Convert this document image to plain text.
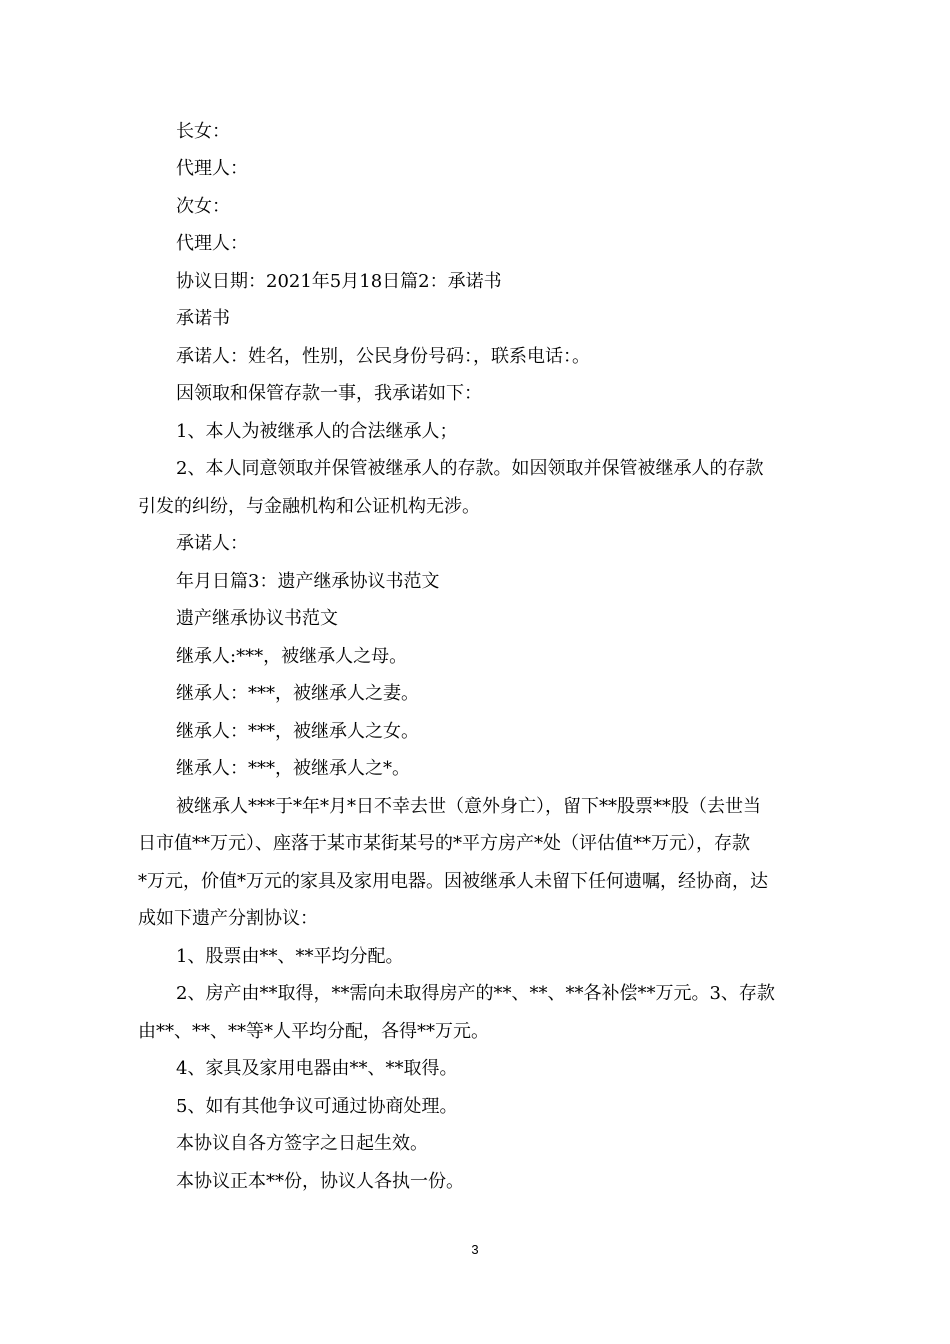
长女：
代理人：
次女：
代理人：
协议日期：2021年5月18日篇2：承诺书
承诺书
承诺人：姓名，性别，公民身份号码：，联系电话：。
因领取和保管存款一事，我承诺如下：
1、本人为被继承人的合法继承人；
2、本人同意领取并保管被继承人的存款。如因领取并保管被继承人的存款
引发的纠纷，与金融机构和公证机构无涉。
承诺人：
年月日篇3：遗产继承协议书范文
遗产继承协议书范文
继承人:***，被继承人之母。
继承人：***，被继承人之妻。
继承人：***，被继承人之女。
继承人：***，被继承人之*。
被继承人***于*年*月*日不幸去世（意外身亡），留下**股票**股（去世当
日市值**万元）、座落于某市某街某号的*平方房产*处（评估值**万元），存款
*万元，价值*万元的家具及家用电器。因被继承人未留下任何遗嘱，经协商，达
成如下遗产分割协议：
1、股票由**、**平均分配。
2、房产由**取得，**需向未取得房产的**、**、**各补偿**万元。3、存款
由**、**、**等*人平均分配，各得**万元。
4、家具及家用电器由**、**取得。
5、如有其他争议可通过协商处理。
本协议自各方签字之日起生效。
本协议正本**份，协议人各执一份。
3
